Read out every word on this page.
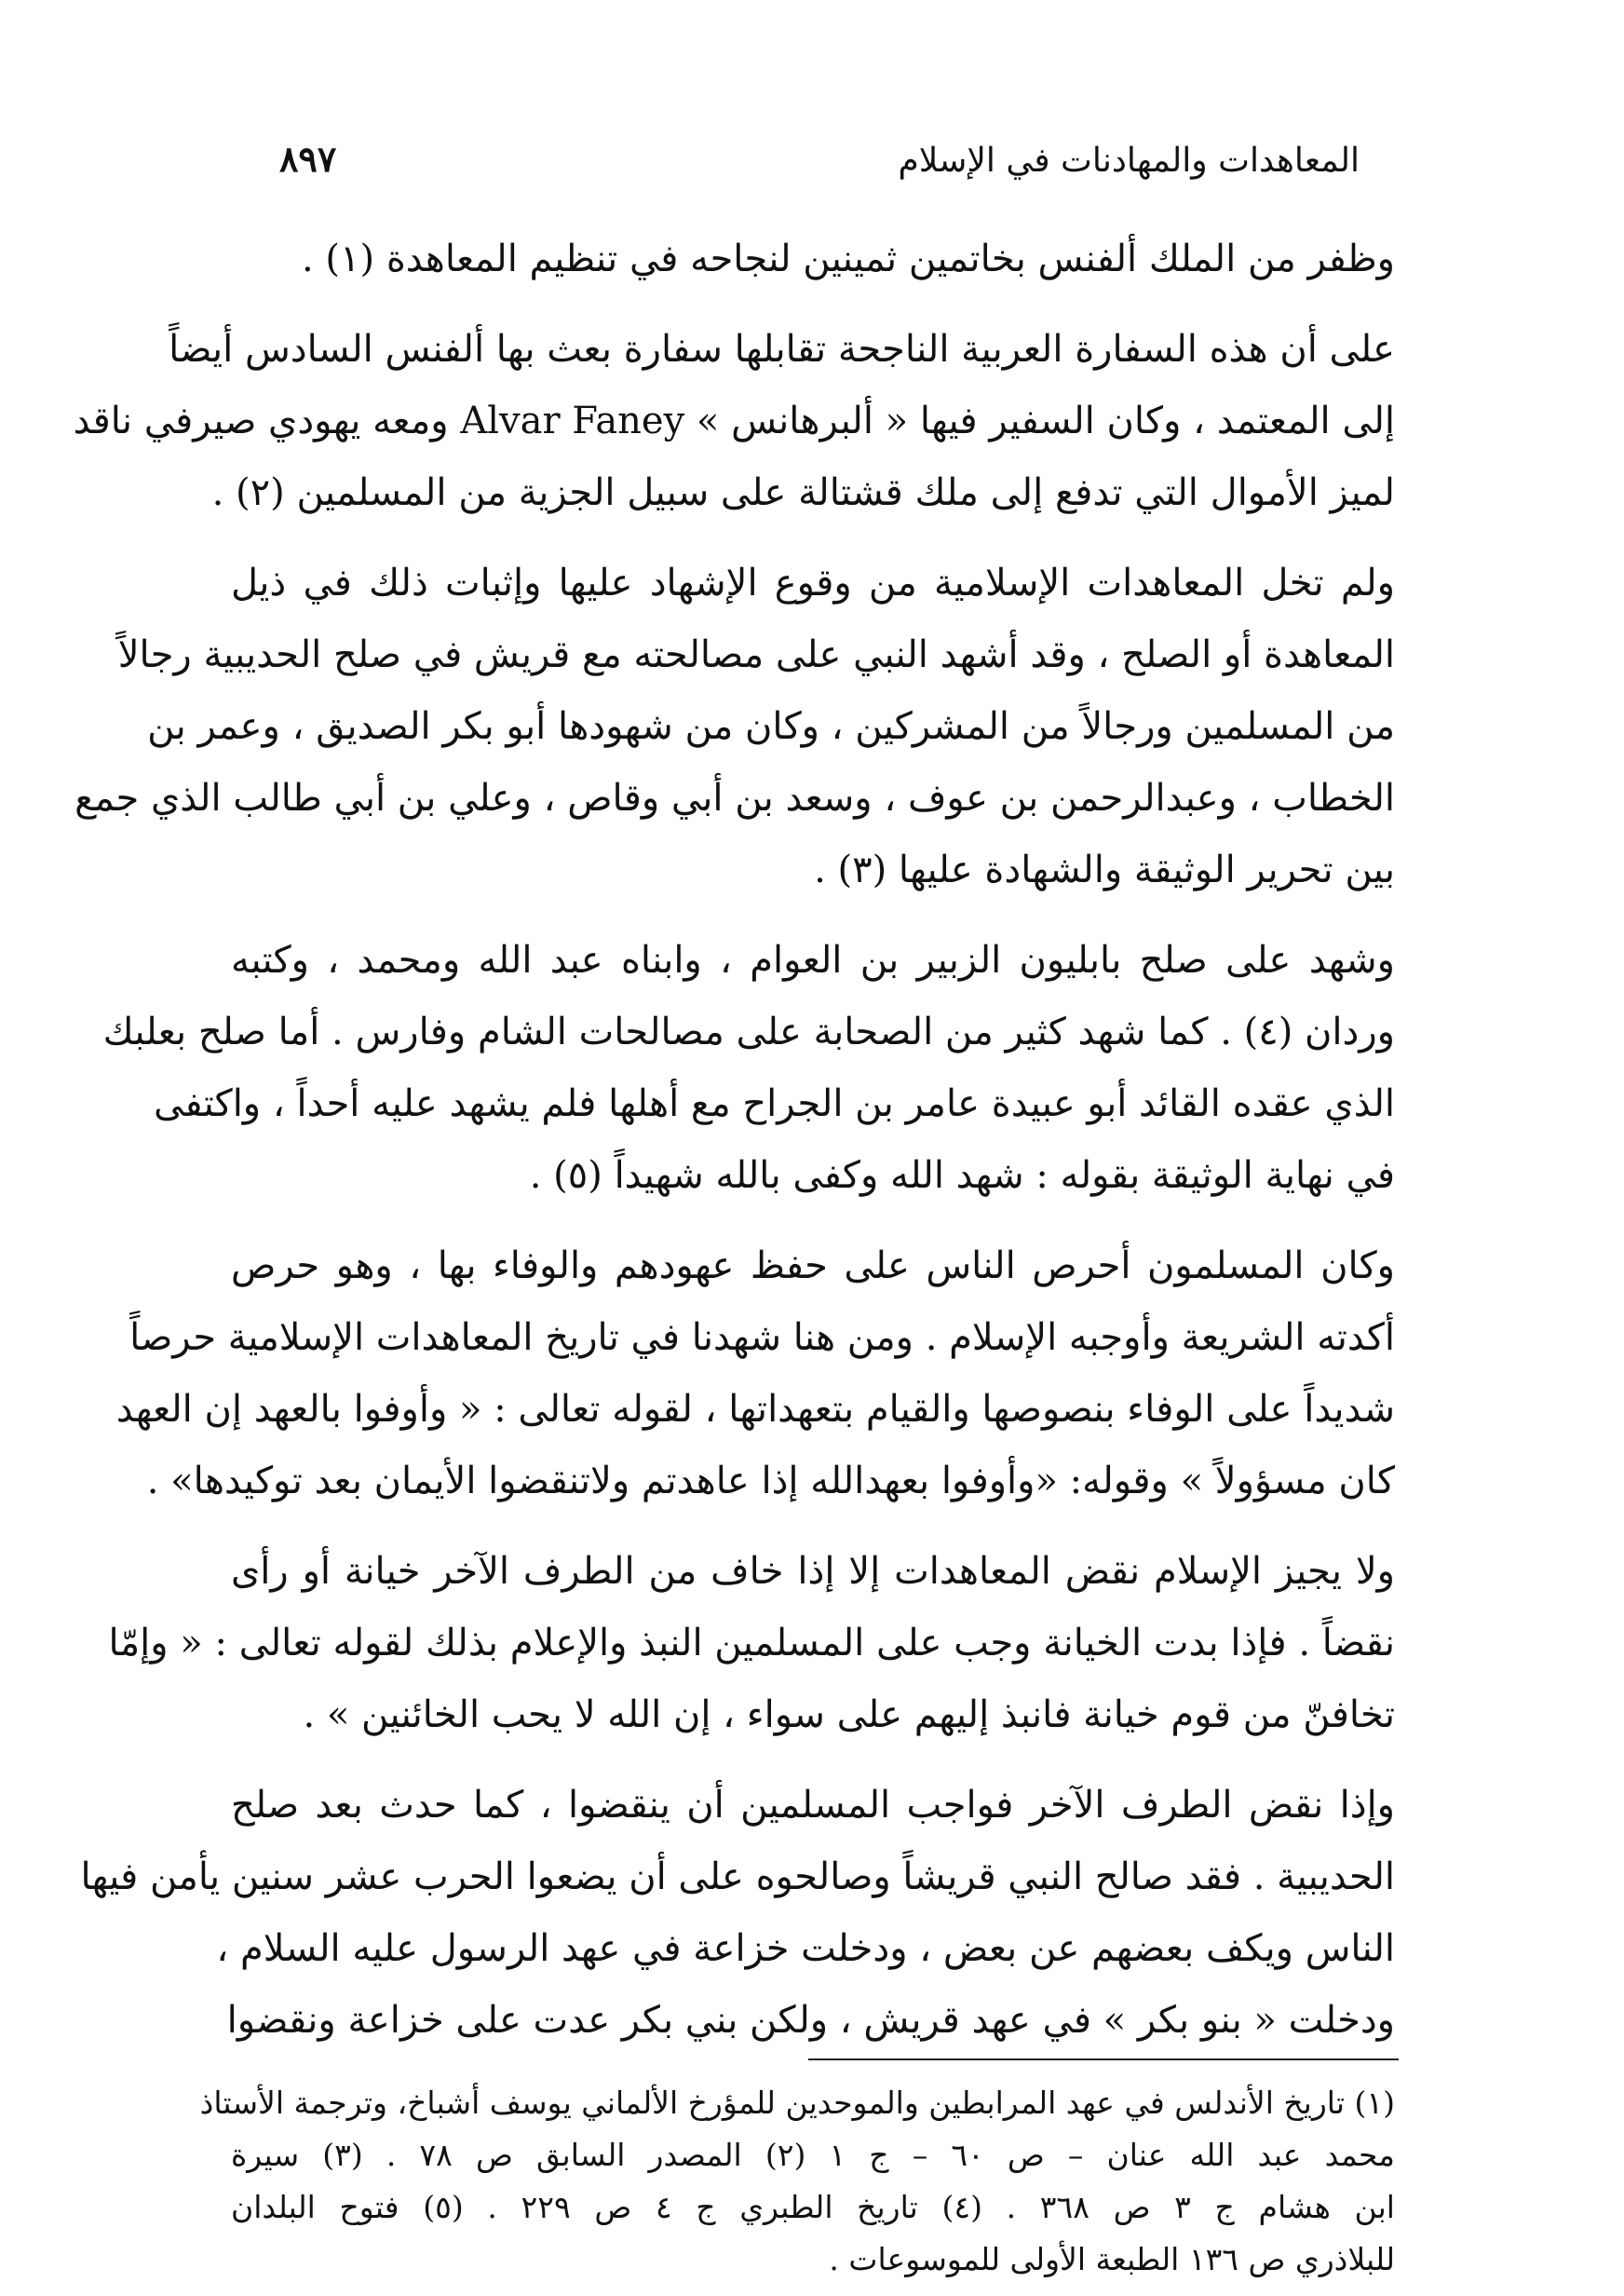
٨٩٧	المعاهدات والمهادنات في الإسلام
وظفر من الملك ألفنس بخاتمين ثمينين لنجاحه في تنظيم المعاهدة (١) .
على أن هذه السفارة العربية الناجحة تقابلها سفارة بعث بها ألفنس السادس أيضاً
إلى المعتمد ، وكان السفير فيها « ألبرهانس » Alvar Faney ومعه يهودي صيرفي ناقد
لميز الأموال التي تدفع إلى ملك قشتالة على سبيل الجزية من المسلمين (٢) .
ولم تخل المعاهدات الإسلامية من وقوع الإشهاد عليها وإثبات ذلك في ذيل
المعاهدة أو الصلح ، وقد أشهد النبي على مصالحته مع قريش في صلح الحديبية رجالاً
من المسلمين ورجالاً من المشركين ، وكان من شهودها أبو بكر الصديق ، وعمر بن
الخطاب ، وعبدالرحمن بن عوف ، وسعد بن أبي وقاص ، وعلي بن أبي طالب الذي جمع
بين تحرير الوثيقة والشهادة عليها (٣) .
وشهد على صلح بابليون الزبير بن العوام ، وابناه عبد الله ومحمد ، وكتبه
وردان (٤) . كما شهد كثير من الصحابة على مصالحات الشام وفارس . أما صلح بعلبك
الذي عقده القائد أبو عبيدة عامر بن الجراح مع أهلها فلم يشهد عليه أحداً ، واكتفى
في نهاية الوثيقة بقوله : شهد الله وكفى بالله شهيداً (٥) .
وكان المسلمون أحرص الناس على حفظ عهودهم والوفاء بها ، وهو حرص
أكدته الشريعة وأوجبه الإسلام . ومن هنا شهدنا في تاريخ المعاهدات الإسلامية حرصاً
شديداً على الوفاء بنصوصها والقيام بتعهداتها ، لقوله تعالى : « وأوفوا بالعهد إن العهد
كان مسؤولاً » وقوله: «وأوفوا بعهدالله إذا عاهدتم ولاتنقضوا الأيمان بعد توكيدها» .
ولا يجيز الإسلام نقض المعاهدات إلا إذا خاف من الطرف الآخر خيانة أو رأى
نقضاً . فإذا بدت الخيانة وجب على المسلمين النبذ والإعلام بذلك لقوله تعالى : « وإمّا
تخافنّ من قوم خيانة فانبذ إليهم على سواء ، إن الله لا يحب الخائنين » .
وإذا نقض الطرف الآخر فواجب المسلمين أن ينقضوا ، كما حدث بعد صلح
الحديبية . فقد صالح النبي قريشاً وصالحوه على أن يضعوا الحرب عشر سنين يأمن فيها
الناس ويكف بعضهم عن بعض ، ودخلت خزاعة في عهد الرسول عليه السلام ،
ودخلت « بنو بكر » في عهد قريش ، ولكن بني بكر عدت على خزاعة ونقضوا
(١) تاريخ الأندلس في عهد المرابطين والموحدين للمؤرخ الألماني يوسف أشباخ، وترجمة الأستاذ
محمد عبد الله عنان – ص ٦٠ – ج ١ (٢) المصدر السابق ص ٧٨ . (٣) سيرة
ابن هشام ج ٣ ص ٣٦٨ . (٤) تاريخ الطبري ج ٤ ص ٢٢٩ . (٥) فتوح البلدان
للبلاذري ص ١٣٦ الطبعة الأولى للموسوعات .
